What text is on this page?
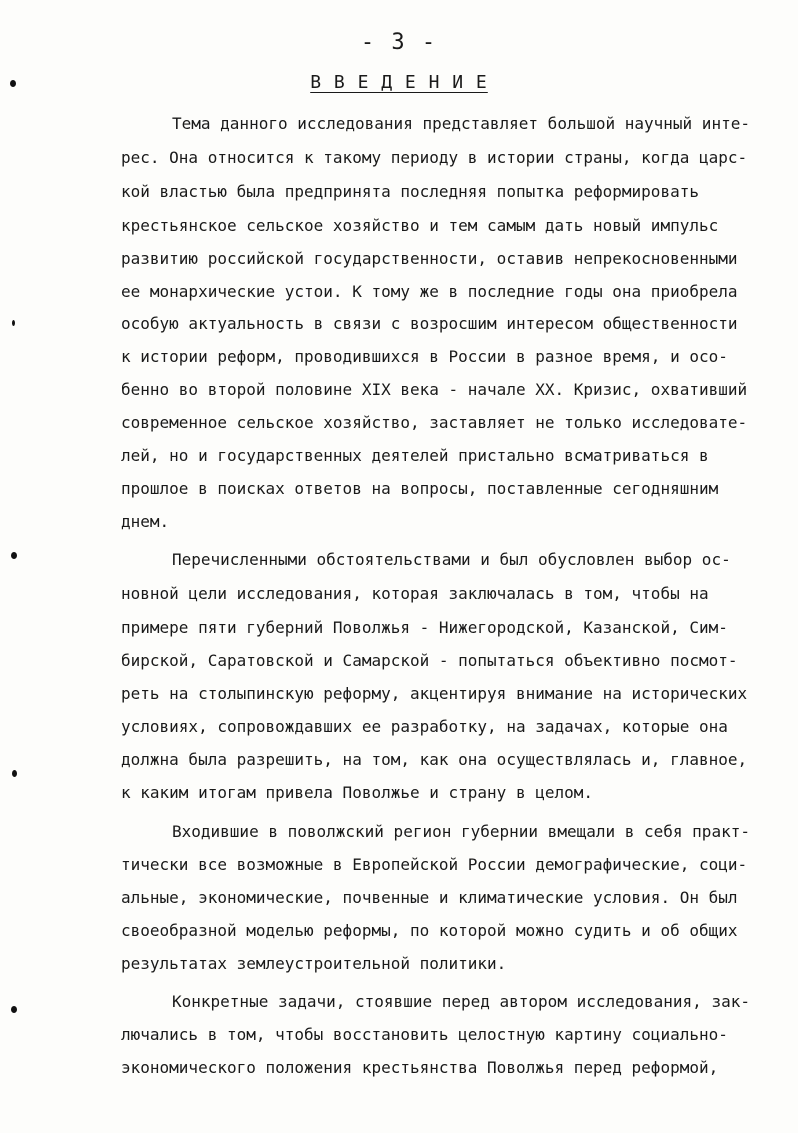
- 3 -
В В Е Д Е Н И Е
Тема данного исследования представляет большой научный инте-
рес. Она относится к такому периоду в истории страны, когда царс-
кой властью была предпринята последняя попытка реформировать
крестьянское сельское хозяйство и тем самым дать новый импульс
развитию российской государственности, оставив непрекосновенными
ее монархические устои. К тому же в последние годы она приобрела
особую актуальность в связи с возросшим интересом общественности
к истории реформ, проводившихся в России в разное время, и осо-
бенно во второй половине XIX века - начале XX. Кризис, охвативший
современное сельское хозяйство, заставляет не только исследовате-
лей, но и государственных деятелей пристально всматриваться в
прошлое в поисках ответов на вопросы, поставленные сегодняшним
днем.
Перечисленными обстоятельствами и был обусловлен выбор ос-
новной цели исследования, которая заключалась в том, чтобы на
примере пяти губерний Поволжья - Нижегородской, Казанской, Сим-
бирской, Саратовской и Самарской - попытаться объективно посмот-
реть на столыпинскую реформу, акцентируя внимание на исторических
условиях, сопровождавших ее разработку, на задачах, которые она
должна была разрешить, на том, как она осуществлялась и, главное,
к каким итогам привела Поволжье и страну в целом.
Входившие в поволжский регион губернии вмещали в себя практ-
тически все возможные в Европейской России демографические, соци-
альные, экономические, почвенные и климатические условия. Он был
своеобразной моделью реформы, по которой можно судить и об общих
результатах землеустроительной политики.
Конкретные задачи, стоявшие перед автором исследования, зак-
лючались в том, чтобы восстановить целостную картину социально-
экономического положения крестьянства Поволжья перед реформой,
